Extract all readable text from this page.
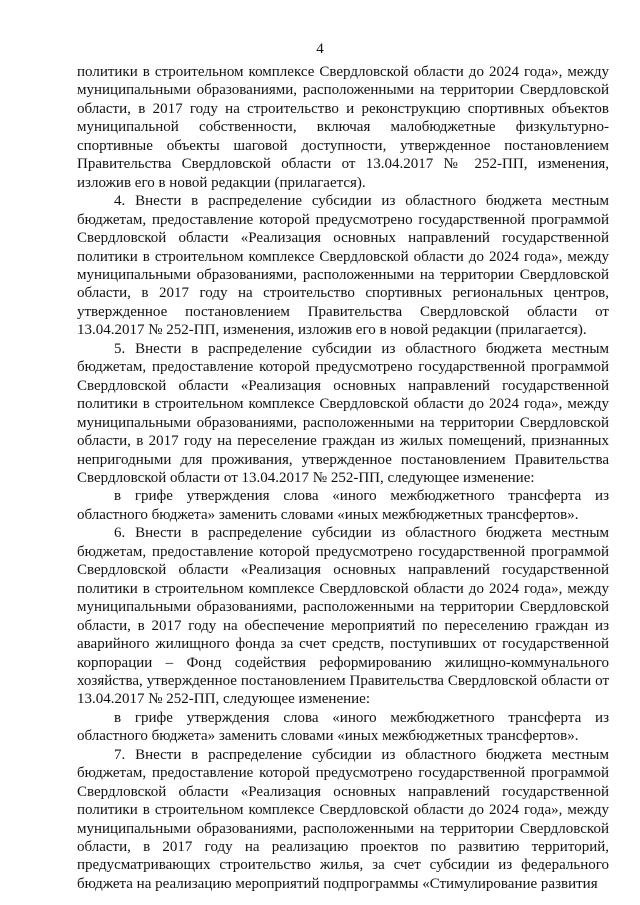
4

политики в строительном комплексе Свердловской области до 2024 года», между муниципальными образованиями, расположенными на территории Свердловской области, в 2017 году на строительство и реконструкцию спортивных объектов муниципальной собственности, включая малобюджетные физкультурно-спортивные объекты шаговой доступности, утвержденное постановлением Правительства Свердловской области от 13.04.2017 № 252-ПП, изменения, изложив его в новой редакции (прилагается).

4. Внести в распределение субсидии из областного бюджета местным бюджетам, предоставление которой предусмотрено государственной программой Свердловской области «Реализация основных направлений государственной политики в строительном комплексе Свердловской области до 2024 года», между муниципальными образованиями, расположенными на территории Свердловской области, в 2017 году на строительство спортивных региональных центров, утвержденное постановлением Правительства Свердловской области от 13.04.2017 № 252-ПП, изменения, изложив его в новой редакции (прилагается).

5. Внести в распределение субсидии из областного бюджета местным бюджетам, предоставление которой предусмотрено государственной программой Свердловской области «Реализация основных направлений государственной политики в строительном комплексе Свердловской области до 2024 года», между муниципальными образованиями, расположенными на территории Свердловской области, в 2017 году на переселение граждан из жилых помещений, признанных непригодными для проживания, утвержденное постановлением Правительства Свердловской области от 13.04.2017 № 252-ПП, следующее изменение:

в грифе утверждения слова «иного межбюджетного трансферта из областного бюджета» заменить словами «иных межбюджетных трансфертов».

6. Внести в распределение субсидии из областного бюджета местным бюджетам, предоставление которой предусмотрено государственной программой Свердловской области «Реализация основных направлений государственной политики в строительном комплексе Свердловской области до 2024 года», между муниципальными образованиями, расположенными на территории Свердловской области, в 2017 году на обеспечение мероприятий по переселению граждан из аварийного жилищного фонда за счет средств, поступивших от государственной корпорации – Фонд содействия реформированию жилищно-коммунального хозяйства, утвержденное постановлением Правительства Свердловской области от 13.04.2017 № 252-ПП, следующее изменение:

в грифе утверждения слова «иного межбюджетного трансферта из областного бюджета» заменить словами «иных межбюджетных трансфертов».

7. Внести в распределение субсидии из областного бюджета местным бюджетам, предоставление которой предусмотрено государственной программой Свердловской области «Реализация основных направлений государственной политики в строительном комплексе Свердловской области до 2024 года», между муниципальными образованиями, расположенными на территории Свердловской области, в 2017 году на реализацию проектов по развитию территорий, предусматривающих строительство жилья, за счет субсидии из федерального бюджета на реализацию мероприятий подпрограммы «Стимулирование развития
